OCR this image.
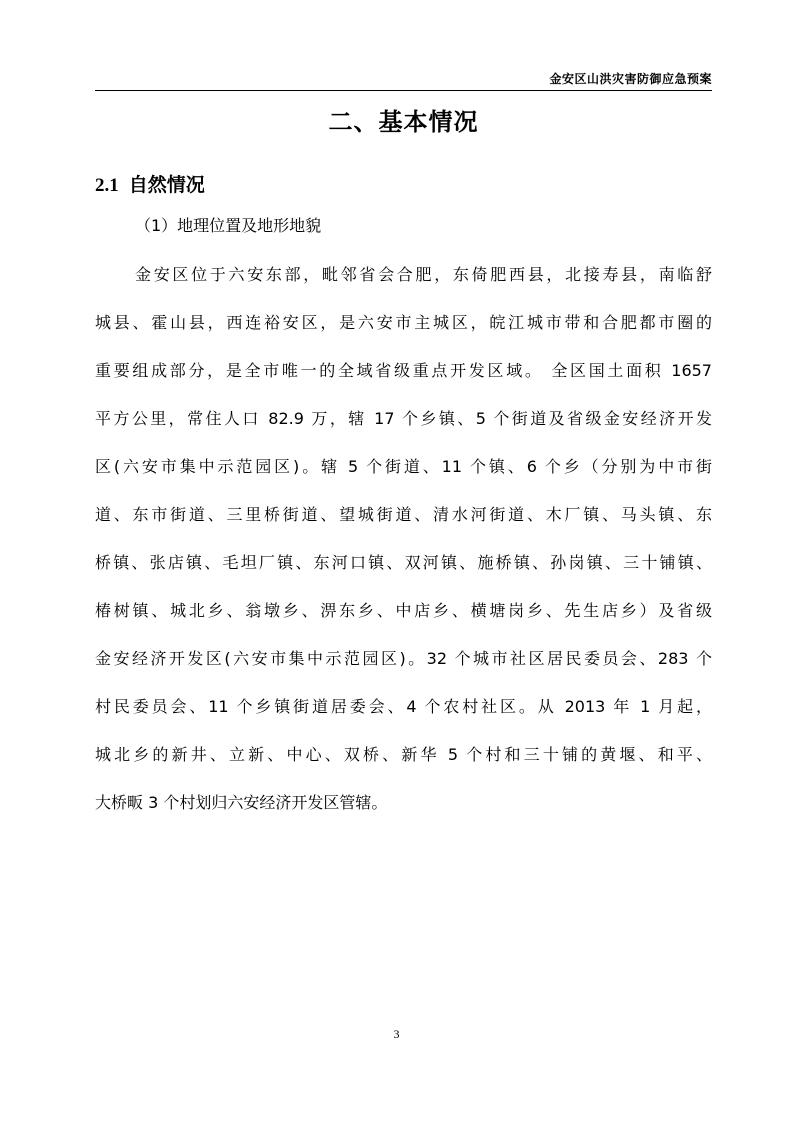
金安区山洪灾害防御应急预案
二、基本情况
2.1 自然情况
（1）地理位置及地形地貌
金安区位于六安东部，毗邻省会合肥，东倚肥西县，北接寿县，南临舒
城县、霍山县，西连裕安区，是六安市主城区，皖江城市带和合肥都市圈的
重要组成部分，是全市唯一的全域省级重点开发区域。 全区国土面积 1657
平方公里，常住人口 82.9 万，辖 17 个乡镇、5 个街道及省级金安经济开发
区(六安市集中示范园区)。辖 5 个街道、11 个镇、6 个乡（分别为中市街
道、东市街道、三里桥街道、望城街道、清水河街道、木厂镇、马头镇、东
桥镇、张店镇、毛坦厂镇、东河口镇、双河镇、施桥镇、孙岗镇、三十铺镇、
椿树镇、城北乡、翁墩乡、淠东乡、中店乡、横塘岗乡、先生店乡）及省级
金安经济开发区(六安市集中示范园区)。32 个城市社区居民委员会、283 个
村民委员会、11 个乡镇街道居委会、4 个农村社区。从 2013 年 1 月起，
城北乡的新井、立新、中心、双桥、新华 5 个村和三十铺的黄堰、和平、
大桥畈 3 个村划归六安经济开发区管辖。
3
